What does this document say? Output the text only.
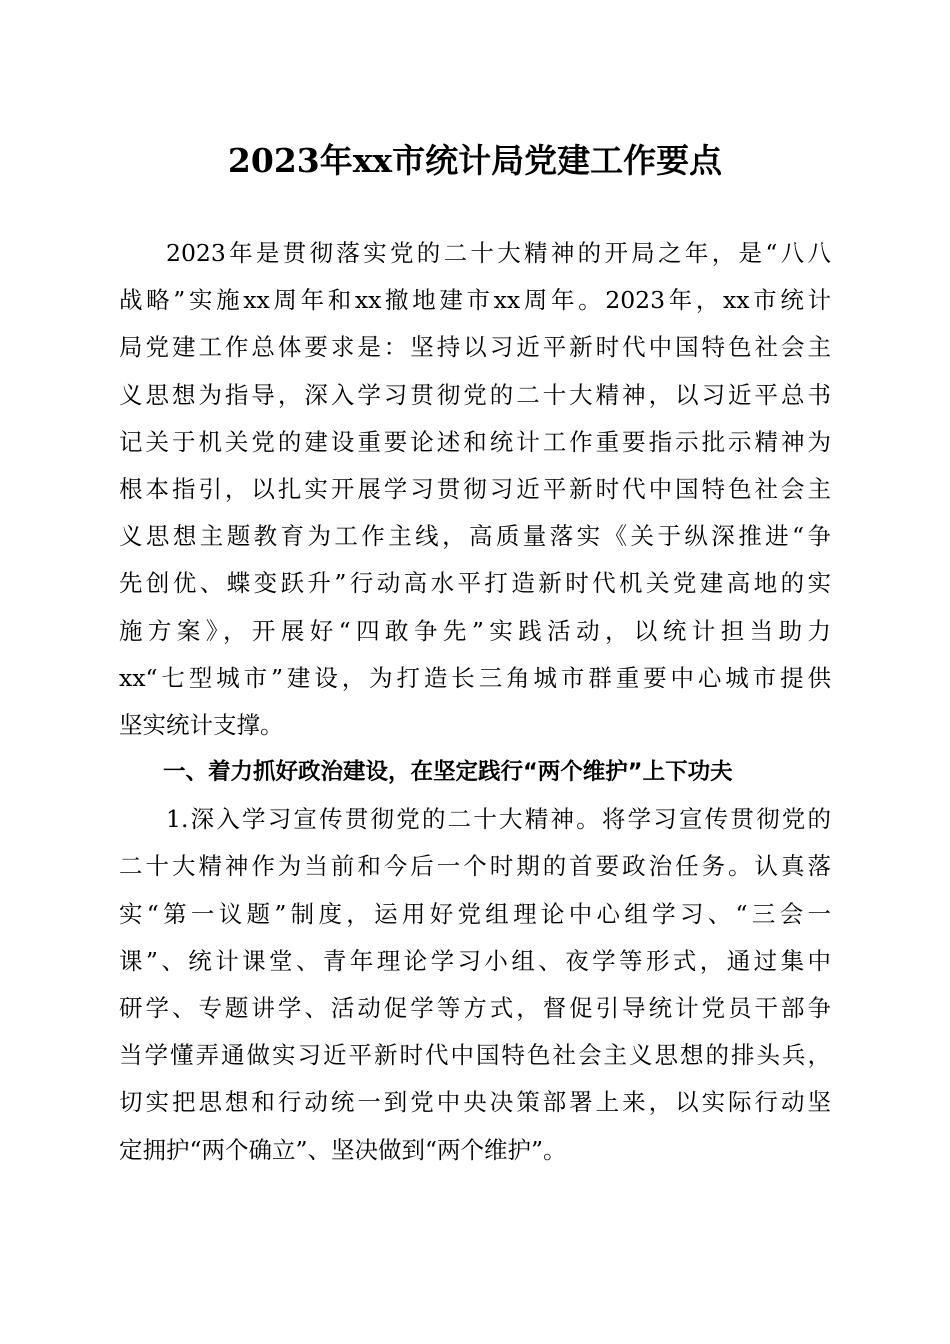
2023年xx市统计局党建工作要点
2023年是贯彻落实党的二十大精神的开局之年，是“八八
战略”实施xx周年和xx撤地建市xx周年。2023年，xx市统计
局党建工作总体要求是：坚持以习近平新时代中国特色社会主
义思想为指导，深入学习贯彻党的二十大精神，以习近平总书
记关于机关党的建设重要论述和统计工作重要指示批示精神为
根本指引，以扎实开展学习贯彻习近平新时代中国特色社会主
义思想主题教育为工作主线，高质量落实《关于纵深推进“争
先创优、蝶变跃升”行动高水平打造新时代机关党建高地的实
施方案》，开展好“四敢争先”实践活动，以统计担当助力
xx“七型城市”建设，为打造长三角城市群重要中心城市提供
坚实统计支撑。
一、着力抓好政治建设，在坚定践行“两个维护”上下功夫
1.深入学习宣传贯彻党的二十大精神。将学习宣传贯彻党的
二十大精神作为当前和今后一个时期的首要政治任务。认真落
实“第一议题”制度，运用好党组理论中心组学习、“三会一
课”、统计课堂、青年理论学习小组、夜学等形式，通过集中
研学、专题讲学、活动促学等方式，督促引导统计党员干部争
当学懂弄通做实习近平新时代中国特色社会主义思想的排头兵，
切实把思想和行动统一到党中央决策部署上来，以实际行动坚
定拥护“两个确立”、坚决做到“两个维护”。
